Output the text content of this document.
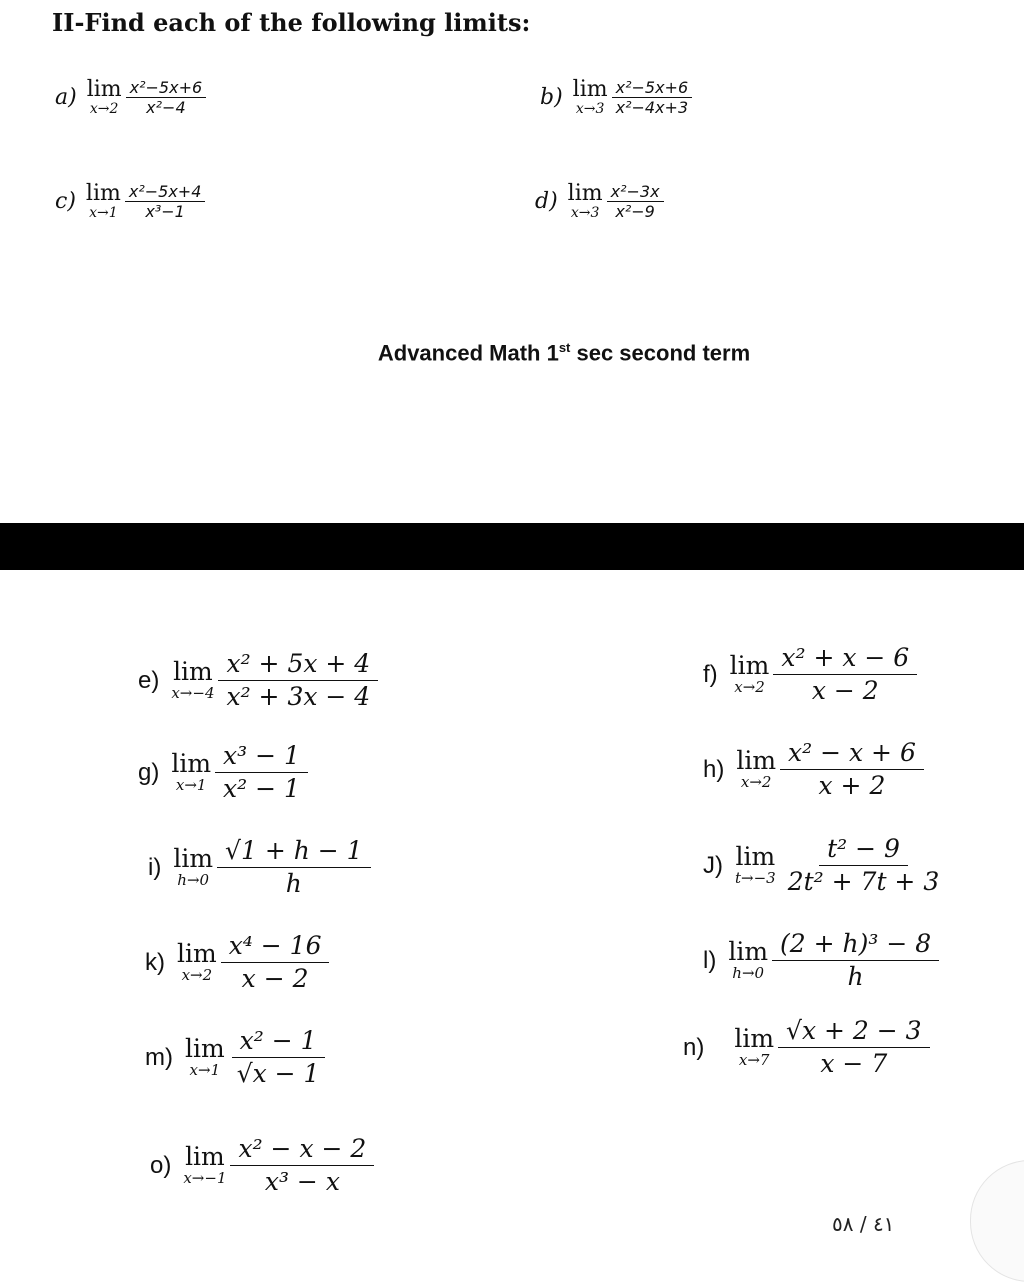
II-Find each of the following limits:
a) lim
$x\to 2 \frac{\text{x²−5x+6}}{\text{x²−4}}$	b) lim
$x\to 3 \frac{\text{x²−5x+6}}{\text{x²−4x+3}}$
c) lim
$x\to 1 \frac{\text{x²−5x+4}}{\text{x³−1}}$	d) lim
$x\to 3 \frac{\text{x²−3x}}{\text{x²−9}}$
Advanced Math 1st sec second term
e) lim
$x\to-4 \frac{\text{x² + 5x + 4}}{\text{x² + 3x − 4}}$	f) lim
$x\to 2 \frac{\text{x² + x − 6}}{x - 2}$
g) lim
$x\to 1 \frac{\text{x³ − 1}}{\text{x² − 1}}$	h) lim
$x\to 2 \frac{\text{x² − x + 6}}{x + 2}$
i) lim
$h\to 0 \frac{√1 + h - 1}{h}$	J) lim
$t\to-3 \frac{\text{t² − 9}}{\text{2t² + 7t + 3}}$
k) lim
$x\to 2 \frac{\text{x⁴ − 16}}{x - 2}$	l) lim
$h\to 0 \frac{\text{(2 + h)³ − 8}}{h}$
m) lim
$x\to 1 \frac{\text{x² − 1}}{√x - 1}$	n) lim
$x\to 7 \frac{√x + 2 - 3}{x - 7}$
o) lim
$x\to-1 \frac{\text{x² − x − 2}}{\text{x³ − x}}$
٤١ / ٥٨
